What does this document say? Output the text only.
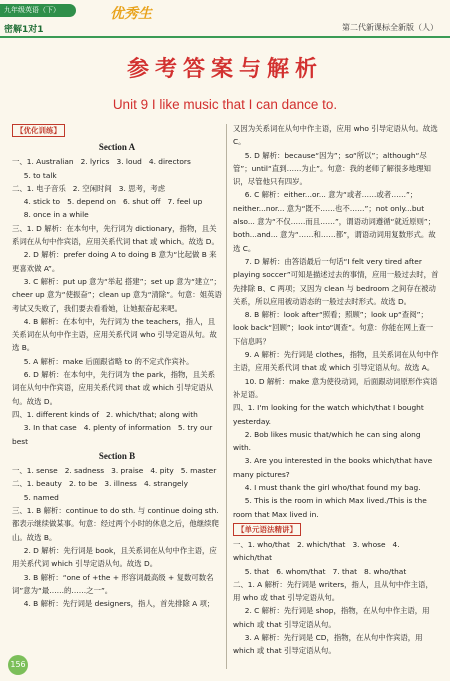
九年级英语（下）
密解1对1
优秀生
第二代新课标全新版（人）
参考答案与解析
Unit 9 I like music that I can dance to.
【优化训练】
Section A
一、1. Australian   2. lyrics   3. loud   4. directors
5. to talk
二、1. 电子音乐   2. 空闲时间   3. 思考，考虑
4. stick to   5. depend on   6. shut off   7. feel up
8. once in a while
三、1. D 解析：在本句中，先行词为 dictionary，指物，且关系词在从句中作宾语，应用关系代词 that 或 which。故选 D。
2. D 解析：prefer doing A to doing B 意为“比起做 B 来更喜欢做 A”。
3. C 解析：put up 意为“举起 搭建”；set up 意为“建立”；cheer up 意为“使振奋”；clean up 意为“清除”。句意：姐英语考试又失败了，我们要去看看她，让她振奋起来吧。
4. B 解析：在本句中，先行词为 the teachers，指人，且关系词在从句中作主语，应用关系代词 who 引导定语从句。故选 B。
5. A 解析：make 后面跟省略 to 的不定式作宾补。
6. D 解析：在本句中，先行词为 the park，指物，且关系词在从句中作宾语，应用关系代词 that 或 which 引导定语从句。故选 D。
四、1. different kinds of   2. which/that; along with
3. In that case   4. plenty of information   5. try our best
Section B
一、1. sense   2. sadness   3. praise   4. pity   5. master
二、1. beauty   2. to be   3. illness   4. strangely
5. named
三、1. B 解析：continue to do sth. 与 continue doing sth. 都表示继续做某事。句意：经过两个小时的休息之后，他继续爬山。故选 B。
2. D 解析：先行词是 book，且关系词在从句中作主语，应用关系代词 which 引导定语从句。故选 D。
3. B 解析：“one of +the + 形容词最高级 + 复数可数名词”意为“最……的……之一”。
4. B 解析：先行词是 designers，指人，首先排除 A 项；
又因为关系词在从句中作主语，应用 who 引导定语从句。故选 C。
5. D 解析：because“因为”；so“所以”；although“尽管”；until“直到……为止”。句意：我的老师了解很多地理知识，尽管他只有四岁。
6. C 解析：either...or... 意为“或者……或者……”；neither...nor... 意为“既不……也不……”；not only...but also... 意为“不仅……而且……”，谓语动词遵循“就近原则”；both...and... 意为“……和……都”，谓语动词用复数形式。故选 C。
7. D 解析：由答语最后一句话“I felt very tired after playing soccer”可知是描述过去的事情，应用一般过去时，首先排除 B、C 两项；又因为 clean 与 bedroom 之间存在被动关系，所以应用被动语态的一般过去时形式。故选 D。
8. B 解析：look after“照看；照顾”；look up“查阅”；look back“回顾”；look into“调查”。句意：你能在网上查一下信息吗？
9. A 解析：先行词是 clothes，指物，且关系词在从句中作主语，应用关系代词 that 或 which 引导定语从句。故选 A。
10. D 解析：make 意为使役动词，后面跟动词原形作宾语补足语。
四、1. I'm looking for the watch which/that I bought yesterday.
2. Bob likes music that/which he can sing along with.
3. Are you interested in the books which/that have many pictures?
4. I must thank the girl who/that found my bag.
5. This is the room in which Max lived./This is the room that Max lived in.
【单元语法精讲】
一、1. who/that   2. which/that   3. whose   4. which/that
5. that   6. whom/that   7. that   8. who/that
二、1. A 解析：先行词是 writers，指人，且从句中作主语，用 who 或 that 引导定语从句。
2. C 解析：先行词是 shop，指物，在从句中作主语，用 which 或 that 引导定语从句。
3. A 解析：先行词是 CD，指物，在从句中作宾语，用 which 或 that 引导定语从句。
156
